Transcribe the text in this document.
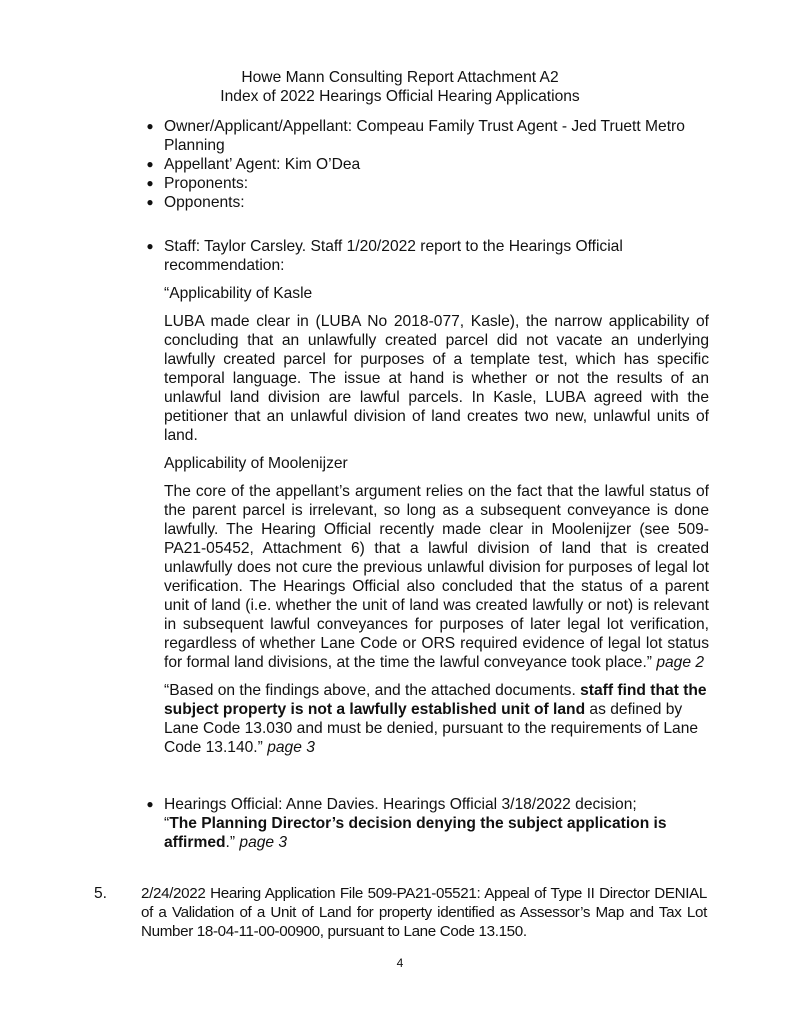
Howe Mann Consulting Report Attachment A2
Index of 2022 Hearings Official Hearing Applications
● Owner/Applicant/Appellant: Compeau Family Trust Agent - Jed Truett Metro Planning
● Appellant’ Agent: Kim O’Dea
● Proponents:
● Opponents:
● Staff: Taylor Carsley. Staff 1/20/2022 report to the Hearings Official recommendation:

“Applicability of Kasle

LUBA made clear in (LUBA No 2018-077, Kasle), the narrow applicability of concluding that an unlawfully created parcel did not vacate an underlying lawfully created parcel for purposes of a template test, which has specific temporal language. The issue at hand is whether or not the results of an unlawful land division are lawful parcels. In Kasle, LUBA agreed with the petitioner that an unlawful division of land creates two new, unlawful units of land.

Applicability of Moolenijzer

The core of the appellant’s argument relies on the fact that the lawful status of the parent parcel is irrelevant, so long as a subsequent conveyance is done lawfully. The Hearing Official recently made clear in Moolenijzer (see 509-PA21-05452, Attachment 6) that a lawful division of land that is created unlawfully does not cure the previous unlawful division for purposes of legal lot verification. The Hearings Official also concluded that the status of a parent unit of land (i.e. whether the unit of land was created lawfully or not) is relevant in subsequent lawful conveyances for purposes of later legal lot verification, regardless of whether Lane Code or ORS required evidence of legal lot status for formal land divisions, at the time the lawful conveyance took place.” page 2

“Based on the findings above, and the attached documents. staff find that the subject property is not a lawfully established unit of land as defined by Lane Code 13.030 and must be denied, pursuant to the requirements of Lane Code 13.140.” page 3

● Hearings Official: Anne Davies. Hearings Official 3/18/2022 decision;
“The Planning Director’s decision denying the subject application is affirmed.” page 3

5. 2/24/2022 Hearing Application File 509-PA21-05521: Appeal of Type II Director DENIAL of a Validation of a Unit of Land for property identified as Assessor’s Map and Tax Lot Number 18-04-11-00-00900, pursuant to Lane Code 13.150.
4
